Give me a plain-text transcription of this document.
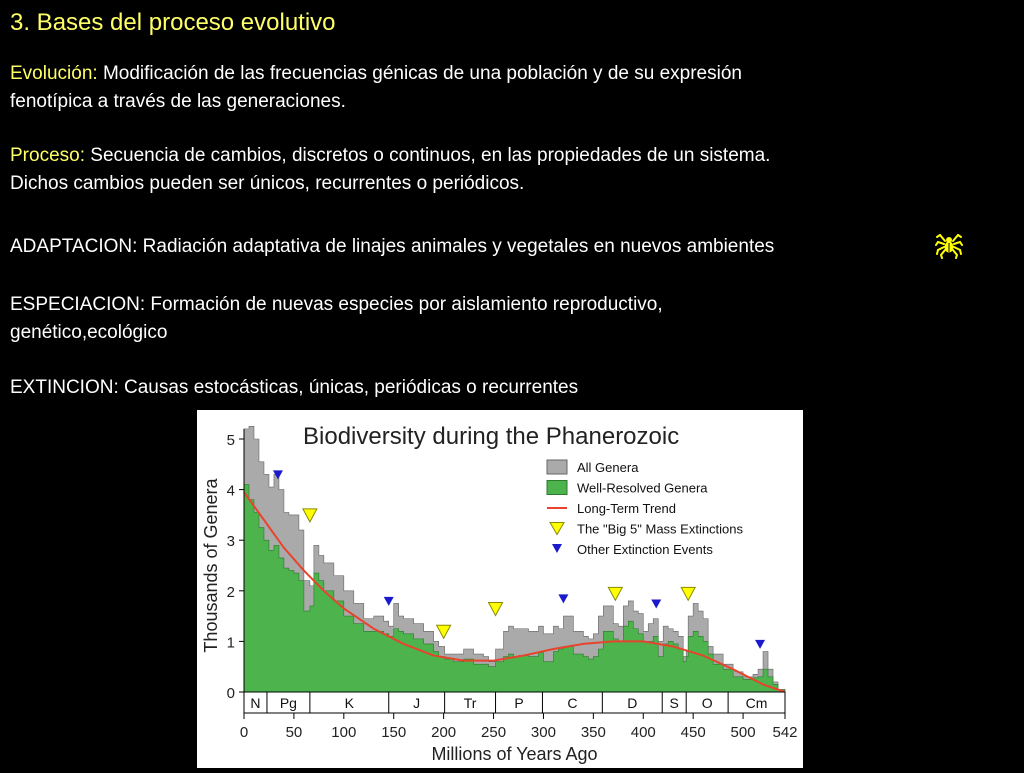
3. Bases del proceso evolutivo
Evolución: Modificación de las frecuencias génicas de una población y de su expresión
fenotípica a través de las generaciones.
Proceso: Secuencia de cambios, discretos o continuos, en las propiedades de un sistema.
Dichos cambios pueden ser únicos, recurrentes o periódicos.
ADAPTACION: Radiación adaptativa de linajes animales y vegetales en nuevos ambientes
ESPECIACION: Formación de nuevas especies por aislamiento reproductivo,
genético,ecológico
EXTINCION: Causas estocásticas, únicas, periódicas o recurrentes
Biodiversity during the Phanerozoic
0
1
2
3
4
5
Thousands of Genera
N Pg	K	J	Tr	P	C	D S O Cm
0 50 100 150 200 250 300 350 400 450 500 542
Millions of Years Ago
All Genera
Well-Resolved Genera
Long-Term Trend
The "Big 5" Mass Extinctions
Other Extinction Events
